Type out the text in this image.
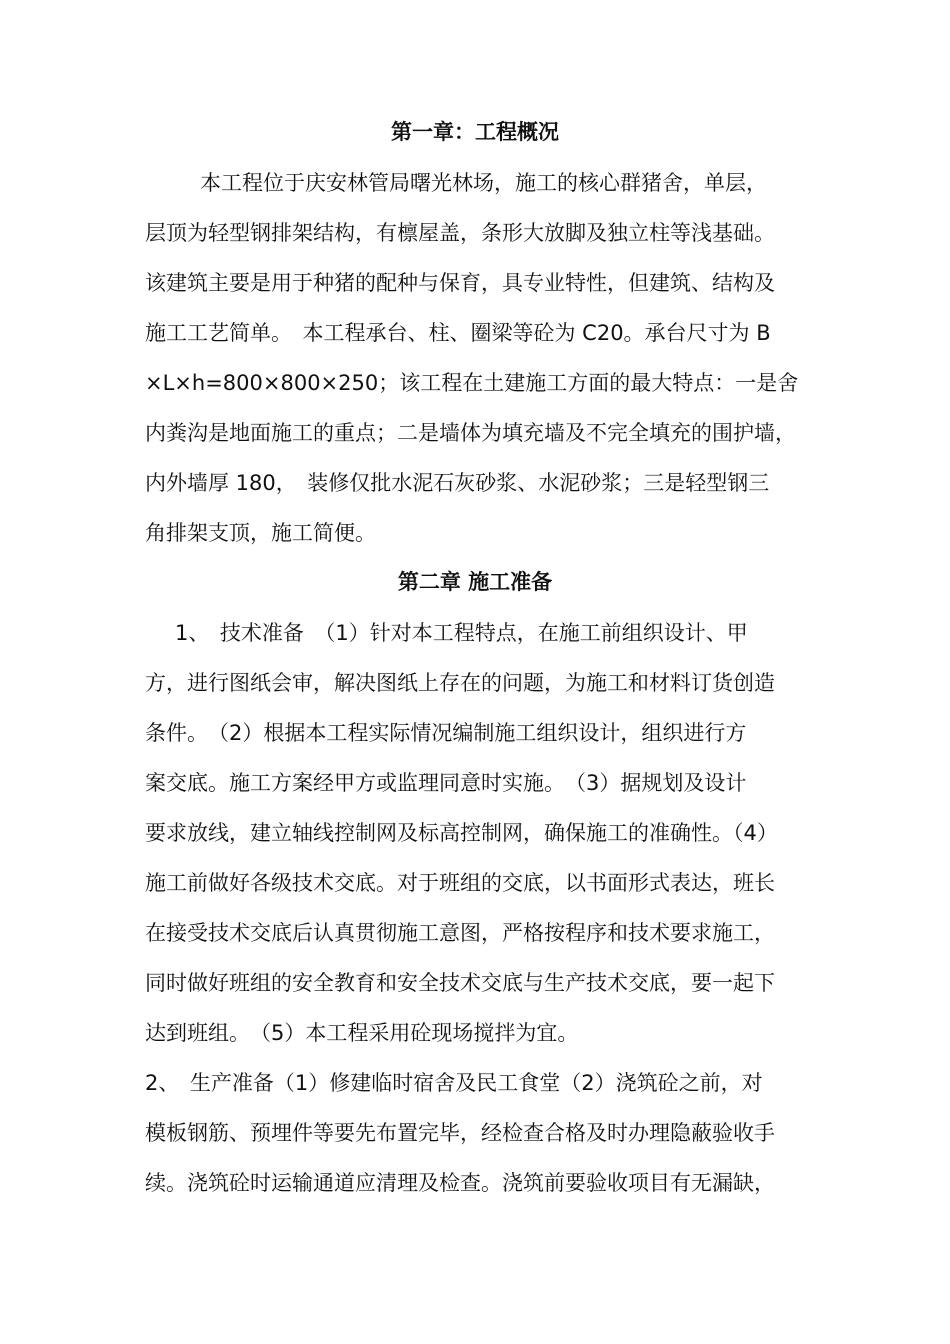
第一章：工程概况
本工程位于庆安林管局曙光林场，施工的核心群猪舍，单层，
层顶为轻型钢排架结构，有檩屋盖，条形大放脚及独立柱等浅基础。
该建筑主要是用于种猪的配种与保育，具专业特性，但建筑、结构及
施工工艺简单。　本工程承台、柱、圈梁等砼为 C20。承台尺寸为 B
×L×h=800×800×250；该工程在土建施工方面的最大特点：一是舍
内粪沟是地面施工的重点；二是墙体为填充墙及不完全填充的围护墙，
内外墙厚 180，　装修仅批水泥石灰砂浆、水泥砂浆；三是轻型钢三
角排架支顶，施工简便。
第二章 施工准备
1、　技术准备　（1）针对本工程特点，在施工前组织设计、甲
方，进行图纸会审，解决图纸上存在的问题，为施工和材料订货创造
条件。　（2）根据本工程实际情况编制施工组织设计，组织进行方
案交底。施工方案经甲方或监理同意时实施。　（3）据规划及设计
要求放线，建立轴线控制网及标高控制网，确保施工的准确性。（4）
施工前做好各级技术交底。对于班组的交底，以书面形式表达，班长
在接受技术交底后认真贯彻施工意图，严格按程序和技术要求施工，
同时做好班组的安全教育和安全技术交底与生产技术交底，要一起下
达到班组。　（5）本工程采用砼现场搅拌为宜。
2、　生产准备（1）修建临时宿舍及民工食堂（2）浇筑砼之前，对
模板钢筋、预埋件等要先布置完毕，经检查合格及时办理隐蔽验收手
续。浇筑砼时运输通道应清理及检查。浇筑前要验收项目有无漏缺，
